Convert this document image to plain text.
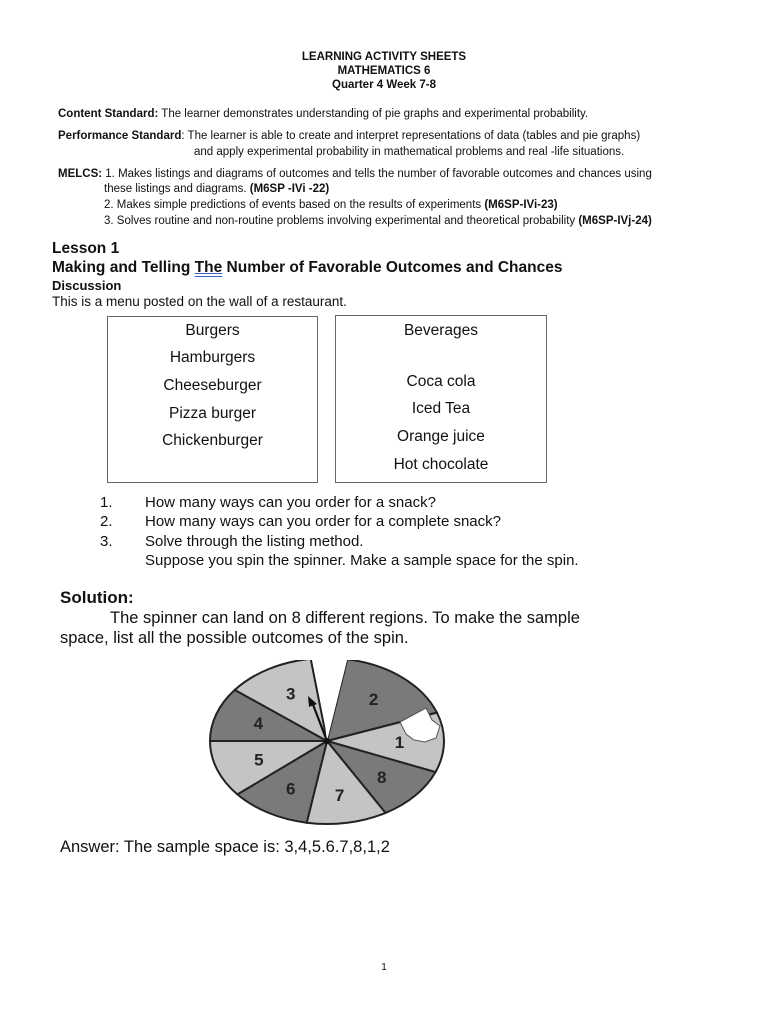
LEARNING ACTIVITY SHEETS
MATHEMATICS 6
Quarter 4 Week 7-8
Content Standard: The learner demonstrates understanding of pie graphs and experimental probability.
Performance Standard: The learner is able to create and interpret representations of data (tables and pie graphs)
and apply experimental probability in mathematical problems and real -life situations.
MELCS: 1. Makes listings and diagrams of outcomes and tells the number of favorable outcomes and chances using
these listings and diagrams. (M6SP -IVi -22)
2. Makes simple predictions of events based on the results of experiments (M6SP-IVi-23)
3. Solves routine and non-routine problems involving experimental and theoretical probability (M6SP-IVj-24)
Lesson 1
Making and Telling The Number of Favorable Outcomes and Chances
Discussion
This is a menu posted on the wall of a restaurant.
Burgers
Hamburgers
Cheeseburger
Pizza burger
Chickenburger
Beverages
Coca cola
Iced Tea
Orange juice
Hot chocolate
1. How many ways can you order for a snack?
2. How many ways can you order for a complete snack?
3. Solve through the listing method.
Suppose you spin the spinner. Make a sample space for the spin.
Solution:
The spinner can land on 8 different regions. To make the sample
space, list all the possible outcomes of the spin.
2
1
8
7
6
5
4
3
Answer: The sample space is: 3,4,5.6.7,8,1,2
1
